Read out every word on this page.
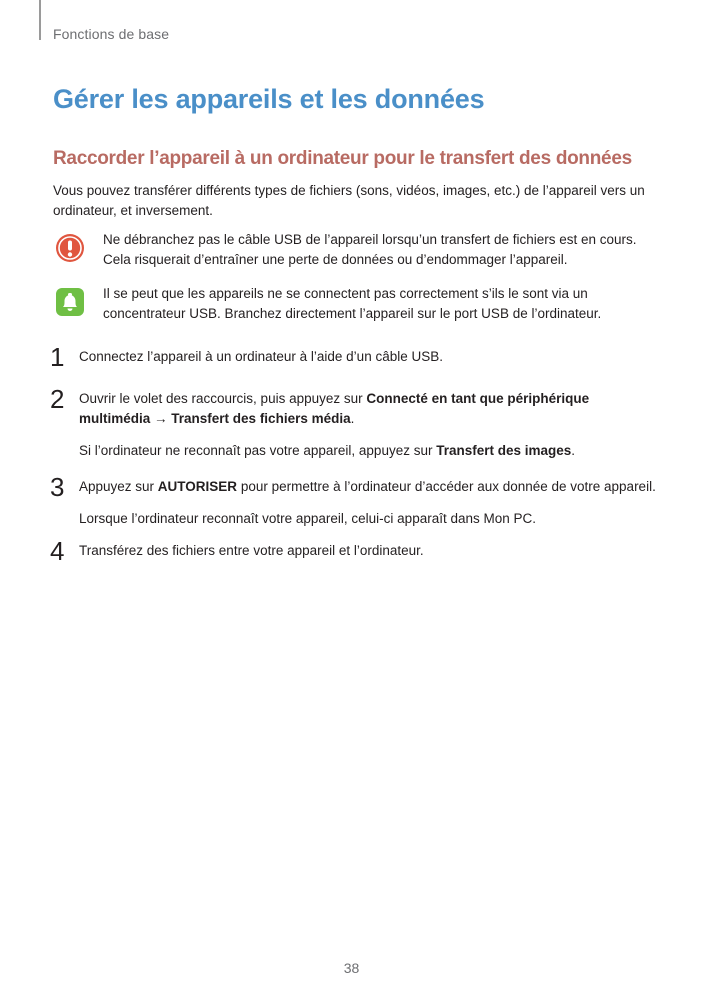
Fonctions de base
Gérer les appareils et les données
Raccorder l’appareil à un ordinateur pour le transfert des données

Vous pouvez transférer différents types de fichiers (sons, vidéos, images, etc.) de l’appareil vers un ordinateur, et inversement.

Ne débranchez pas le câble USB de l’appareil lorsqu’un transfert de fichiers est en cours. Cela risquerait d’entraîner une perte de données ou d’endommager l’appareil.

Il se peut que les appareils ne se connectent pas correctement s’ils le sont via un concentrateur USB. Branchez directement l’appareil sur le port USB de l’ordinateur.

1 Connectez l’appareil à un ordinateur à l’aide d’un câble USB.

2 Ouvrir le volet des raccourcis, puis appuyez sur Connecté en tant que périphérique multimédia → Transfert des fichiers média.

Si l’ordinateur ne reconnaît pas votre appareil, appuyez sur Transfert des images.

3 Appuyez sur AUTORISER pour permettre à l’ordinateur d’accéder aux donnée de votre appareil.

Lorsque l’ordinateur reconnaît votre appareil, celui-ci apparaît dans Mon PC.

4 Transférez des fichiers entre votre appareil et l’ordinateur.

38
